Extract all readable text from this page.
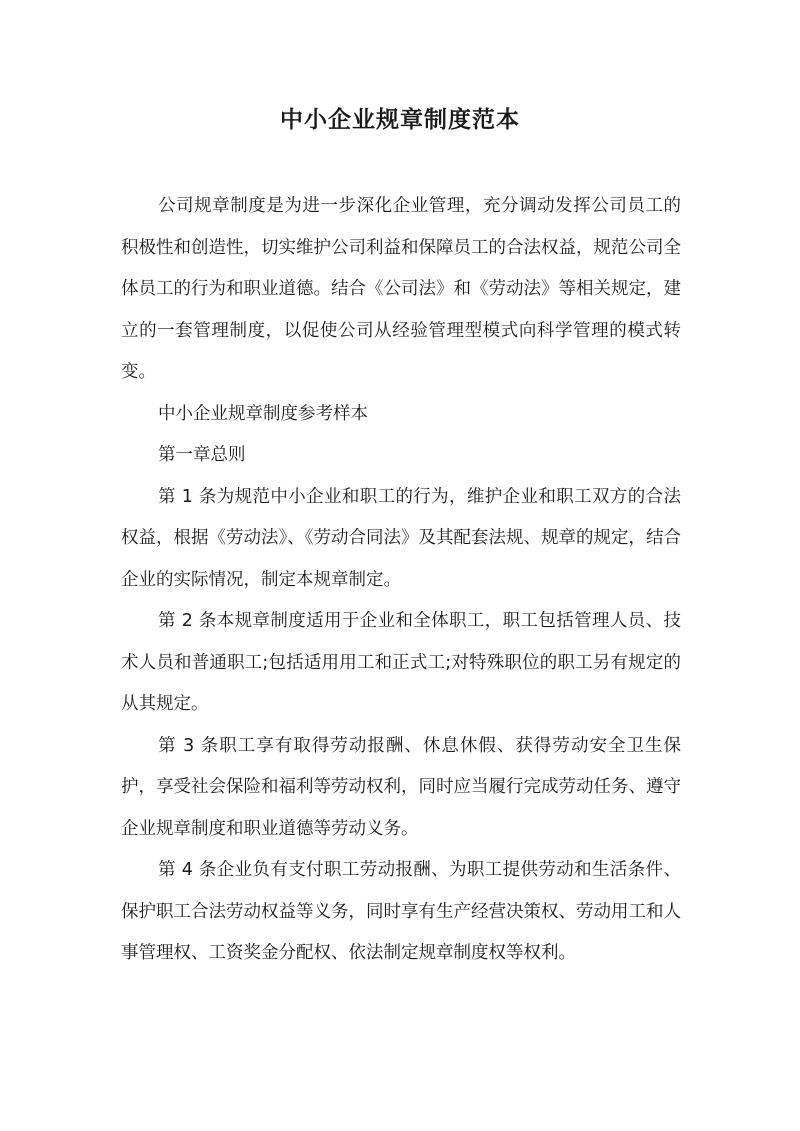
中小企业规章制度范本

公司规章制度是为进一步深化企业管理，充分调动发挥公司员工的积极性和创造性，切实维护公司利益和保障员工的合法权益，规范公司全体员工的行为和职业道德。结合《公司法》和《劳动法》等相关规定，建立的一套管理制度，以促使公司从经验管理型模式向科学管理的模式转变。

中小企业规章制度参考样本

第一章总则

第 1 条为规范中小企业和职工的行为，维护企业和职工双方的合法权益，根据《劳动法》、《劳动合同法》及其配套法规、规章的规定，结合企业的实际情况，制定本规章制定。

第 2 条本规章制度适用于企业和全体职工，职工包括管理人员、技术人员和普通职工;包括适用用工和正式工;对特殊职位的职工另有规定的从其规定。

第 3 条职工享有取得劳动报酬、休息休假、获得劳动安全卫生保护，享受社会保险和福利等劳动权利，同时应当履行完成劳动任务、遵守企业规章制度和职业道德等劳动义务。

第 4 条企业负有支付职工劳动报酬、为职工提供劳动和生活条件、保护职工合法劳动权益等义务，同时享有生产经营决策权、劳动用工和人事管理权、工资奖金分配权、依法制定规章制度权等权利。
